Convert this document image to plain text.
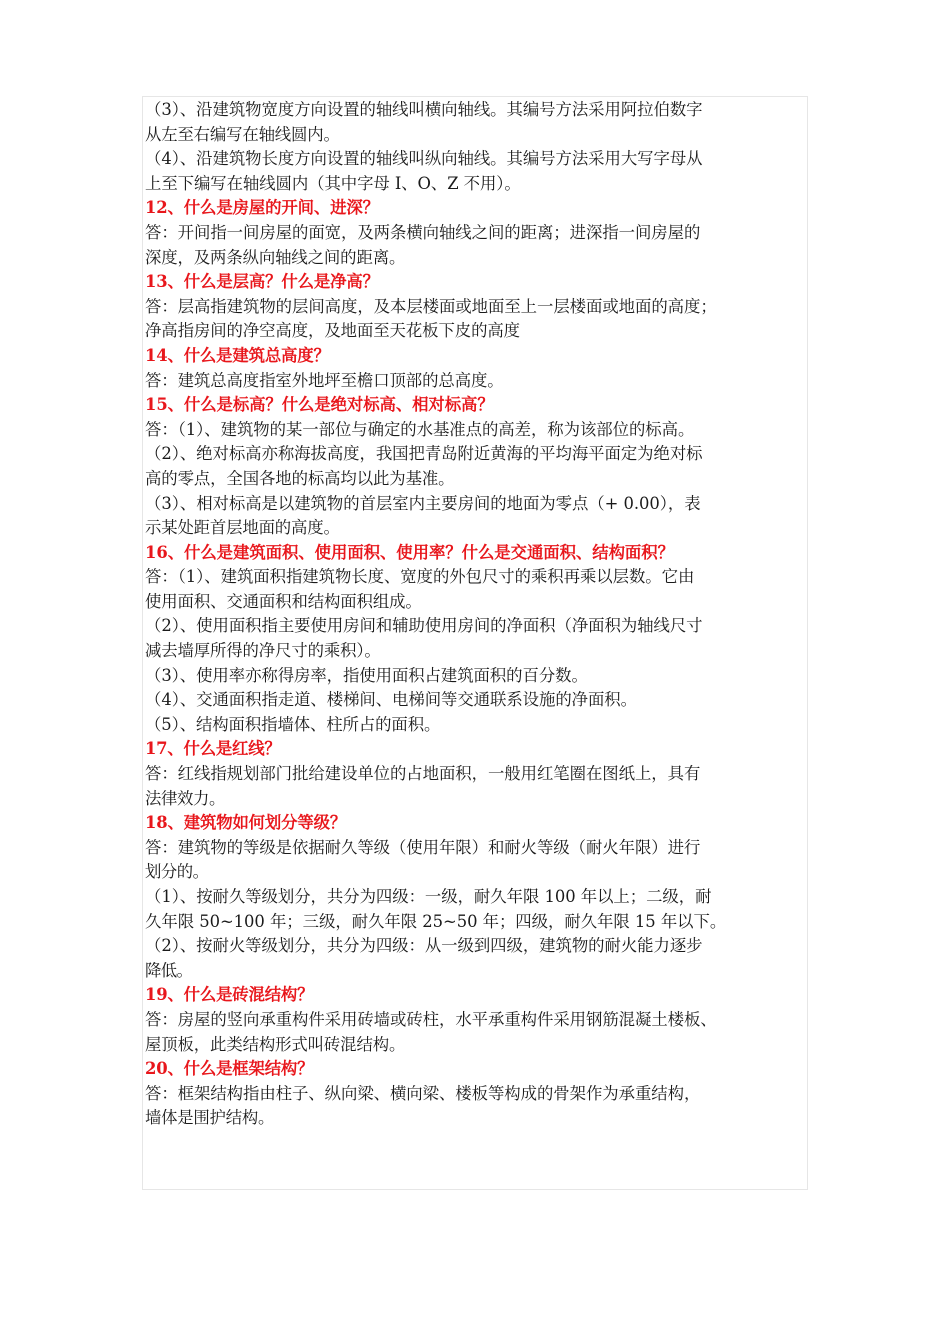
（3）、沿建筑物宽度方向设置的轴线叫横向轴线。其编号方法采用阿拉伯数字
从左至右编写在轴线圆内。
（4）、沿建筑物长度方向设置的轴线叫纵向轴线。其编号方法采用大写字母从
上至下编写在轴线圆内（其中字母 I、O、Z 不用）。
12、什么是房屋的开间、进深？
答：开间指一间房屋的面宽，及两条横向轴线之间的距离；进深指一间房屋的
深度，及两条纵向轴线之间的距离。
13、什么是层高？什么是净高？
答：层高指建筑物的层间高度，及本层楼面或地面至上一层楼面或地面的高度；
净高指房间的净空高度，及地面至天花板下皮的高度
14、什么是建筑总高度？
答：建筑总高度指室外地坪至檐口顶部的总高度。
15、什么是标高？什么是绝对标高、相对标高？
答：（1）、建筑物的某一部位与确定的水基准点的高差，称为该部位的标高。
（2）、绝对标高亦称海拔高度，我国把青岛附近黄海的平均海平面定为绝对标
高的零点，全国各地的标高均以此为基准。
（3）、相对标高是以建筑物的首层室内主要房间的地面为零点（+ 0.00），表
示某处距首层地面的高度。
16、什么是建筑面积、使用面积、使用率？什么是交通面积、结构面积？
答：（1）、建筑面积指建筑物长度、宽度的外包尺寸的乘积再乘以层数。它由
使用面积、交通面积和结构面积组成。
（2）、使用面积指主要使用房间和辅助使用房间的净面积（净面积为轴线尺寸
减去墙厚所得的净尺寸的乘积）。
（3）、使用率亦称得房率，指使用面积占建筑面积的百分数。
（4）、交通面积指走道、楼梯间、电梯间等交通联系设施的净面积。
（5）、结构面积指墙体、柱所占的面积。
17、什么是红线？
答：红线指规划部门批给建设单位的占地面积，一般用红笔圈在图纸上，具有
法律效力。
18、建筑物如何划分等级？
答：建筑物的等级是依据耐久等级（使用年限）和耐火等级（耐火年限）进行
划分的。
（1）、按耐久等级划分，共分为四级：一级，耐久年限 100 年以上；二级，耐
久年限 50~100 年；三级，耐久年限 25~50 年；四级，耐久年限 15 年以下。
（2）、按耐火等级划分，共分为四级：从一级到四级，建筑物的耐火能力逐步
降低。
19、什么是砖混结构？
答：房屋的竖向承重构件采用砖墙或砖柱，水平承重构件采用钢筋混凝土楼板、
屋顶板，此类结构形式叫砖混结构。
20、什么是框架结构？
答：框架结构指由柱子、纵向梁、横向梁、楼板等构成的骨架作为承重结构，
墙体是围护结构。
